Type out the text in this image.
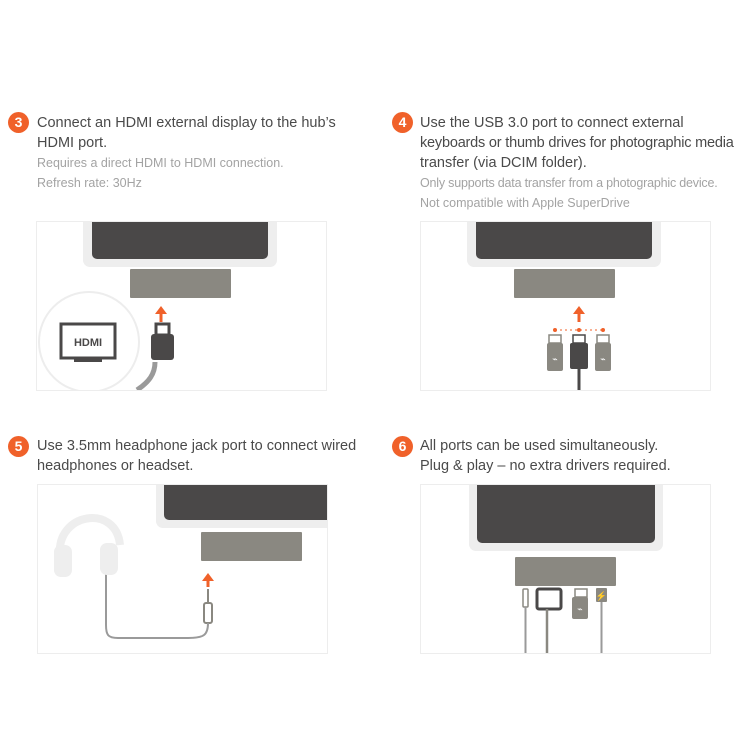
3	Connect an HDMI external display to the hub’s

HDMI port.

Requires a direct HDMI to HDMI connection.

Refresh rate: 30Hz

HDMI
4 Use the USB 3.0 port to connect external

keyboards or thumb drives for photographic media

transfer (via DCIM folder).

Only supports data transfer from a photographic device.

Not compatible with Apple SuperDrive

⌁	⌁
5	Use 3.5mm headphone jack port to connect wired

headphones or headset.

6 All ports can be used simultaneously.

Plug & play – no extra drivers required.

⌁
⚡
